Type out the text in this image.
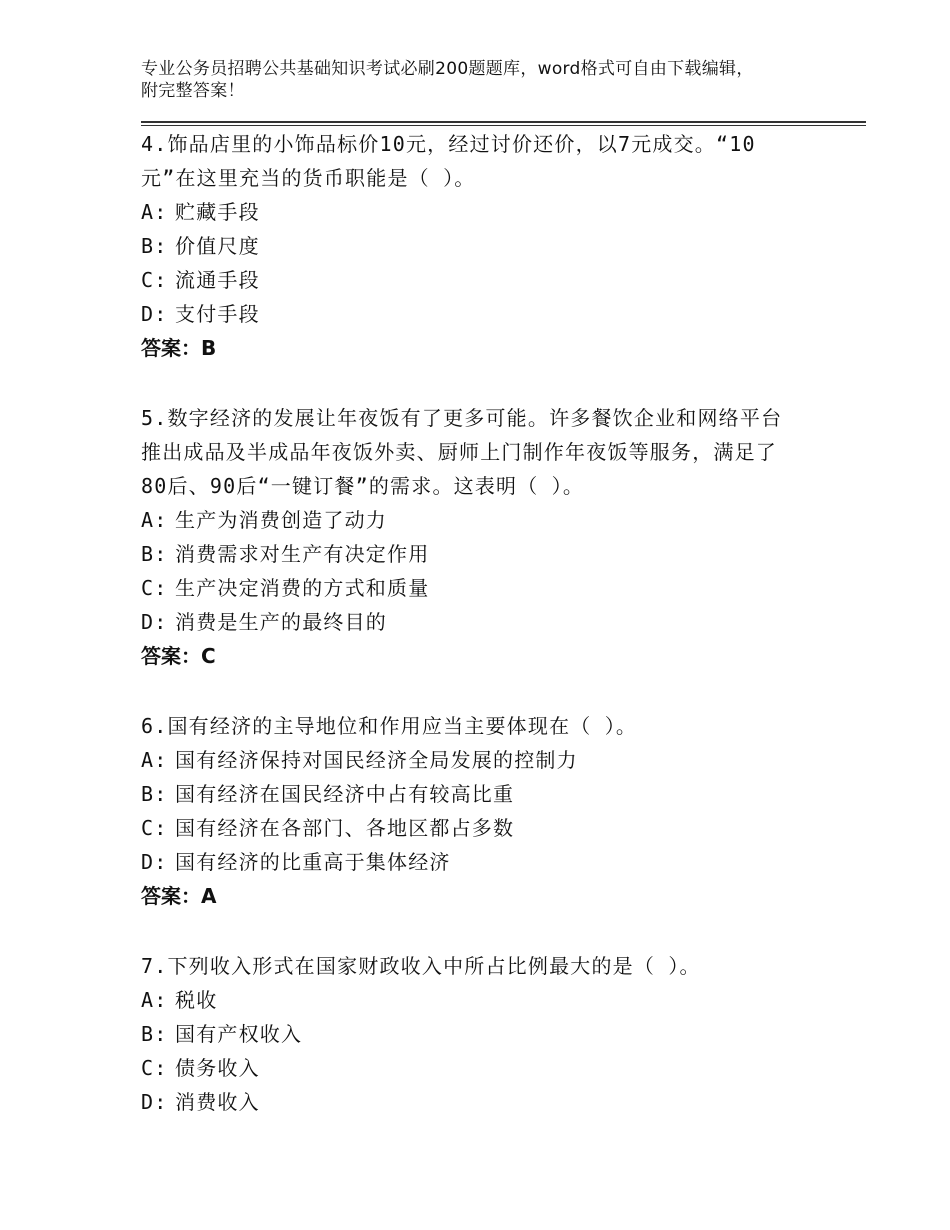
专业公务员招聘公共基础知识考试必刷200题题库，word格式可自由下载编辑，
附完整答案！

4.饰品店里的小饰品标价10元，经过讨价还价，以7元成交。“10

元”在这里充当的货币职能是（ ）。

A: 贮藏手段

B: 价值尺度

C: 流通手段

D: 支付手段

答案：B

5.数字经济的发展让年夜饭有了更多可能。许多餐饮企业和网络平台

推出成品及半成品年夜饭外卖、厨师上门制作年夜饭等服务，满足了

80后、90后“一键订餐”的需求。这表明（ ）。

A: 生产为消费创造了动力

B: 消费需求对生产有决定作用

C: 生产决定消费的方式和质量

D: 消费是生产的最终目的

答案：C

6.国有经济的主导地位和作用应当主要体现在（ ）。

A: 国有经济保持对国民经济全局发展的控制力

B: 国有经济在国民经济中占有较高比重

C: 国有经济在各部门、各地区都占多数

D: 国有经济的比重高于集体经济

答案：A

7.下列收入形式在国家财政收入中所占比例最大的是（ ）。

A: 税收

B: 国有产权收入

C: 债务收入

D: 消费收入
